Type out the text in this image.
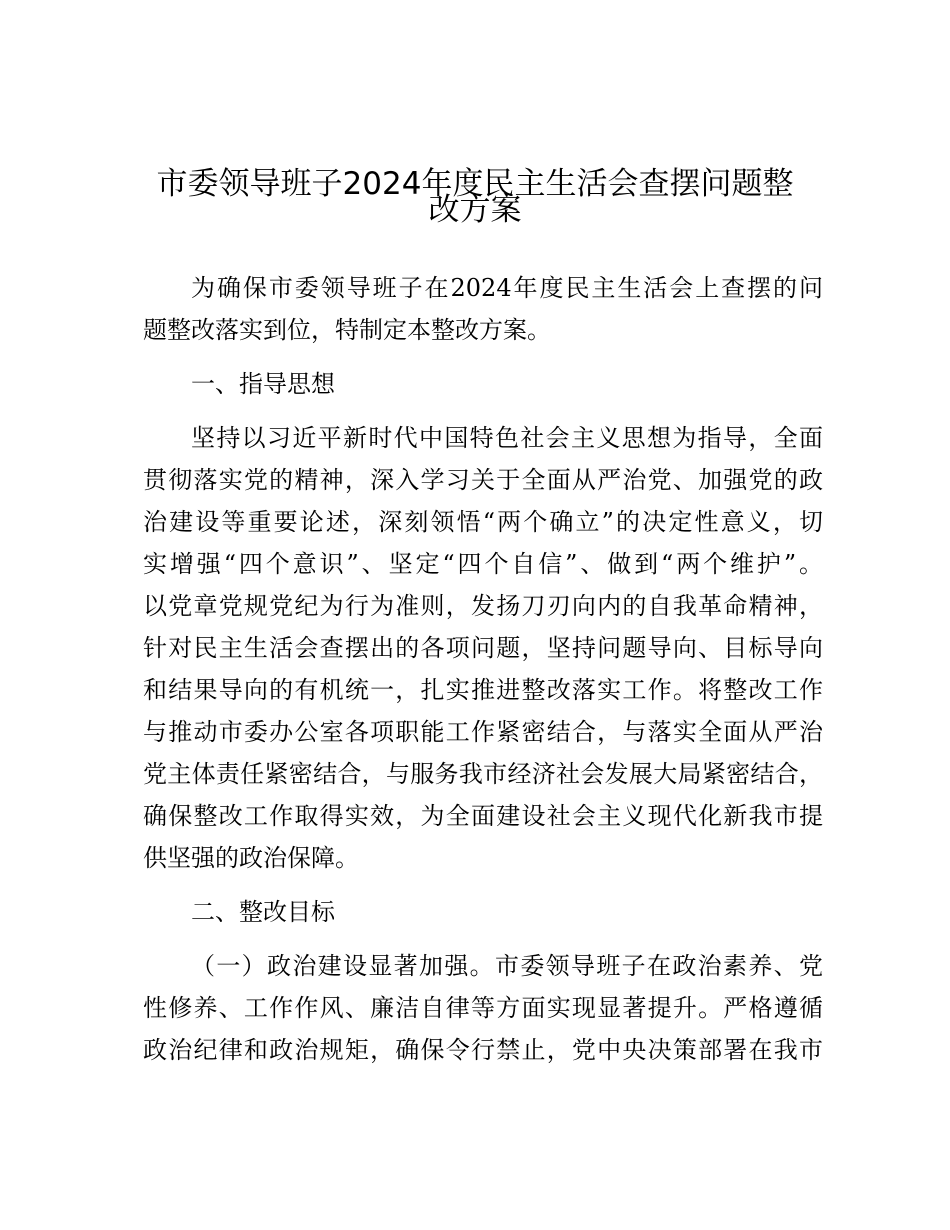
市委领导班子2024年度民主生活会查摆问题整
改方案
为确保市委领导班子在2024年度民主生活会上查摆的问
题整改落实到位，特制定本整改方案。
一、指导思想
坚持以习近平新时代中国特色社会主义思想为指导，全面
贯彻落实党的精神，深入学习关于全面从严治党、加强党的政
治建设等重要论述，深刻领悟“两个确立”的决定性意义，切
实增强“四个意识”、坚定“四个自信”、做到“两个维护”。
以党章党规党纪为行为准则，发扬刀刃向内的自我革命精神，
针对民主生活会查摆出的各项问题，坚持问题导向、目标导向
和结果导向的有机统一，扎实推进整改落实工作。将整改工作
与推动市委办公室各项职能工作紧密结合，与落实全面从严治
党主体责任紧密结合，与服务我市经济社会发展大局紧密结合，
确保整改工作取得实效，为全面建设社会主义现代化新我市提
供坚强的政治保障。
二、整改目标
（一）政治建设显著加强。市委领导班子在政治素养、党
性修养、工作作风、廉洁自律等方面实现显著提升。严格遵循
政治纪律和政治规矩，确保令行禁止，党中央决策部署在我市
